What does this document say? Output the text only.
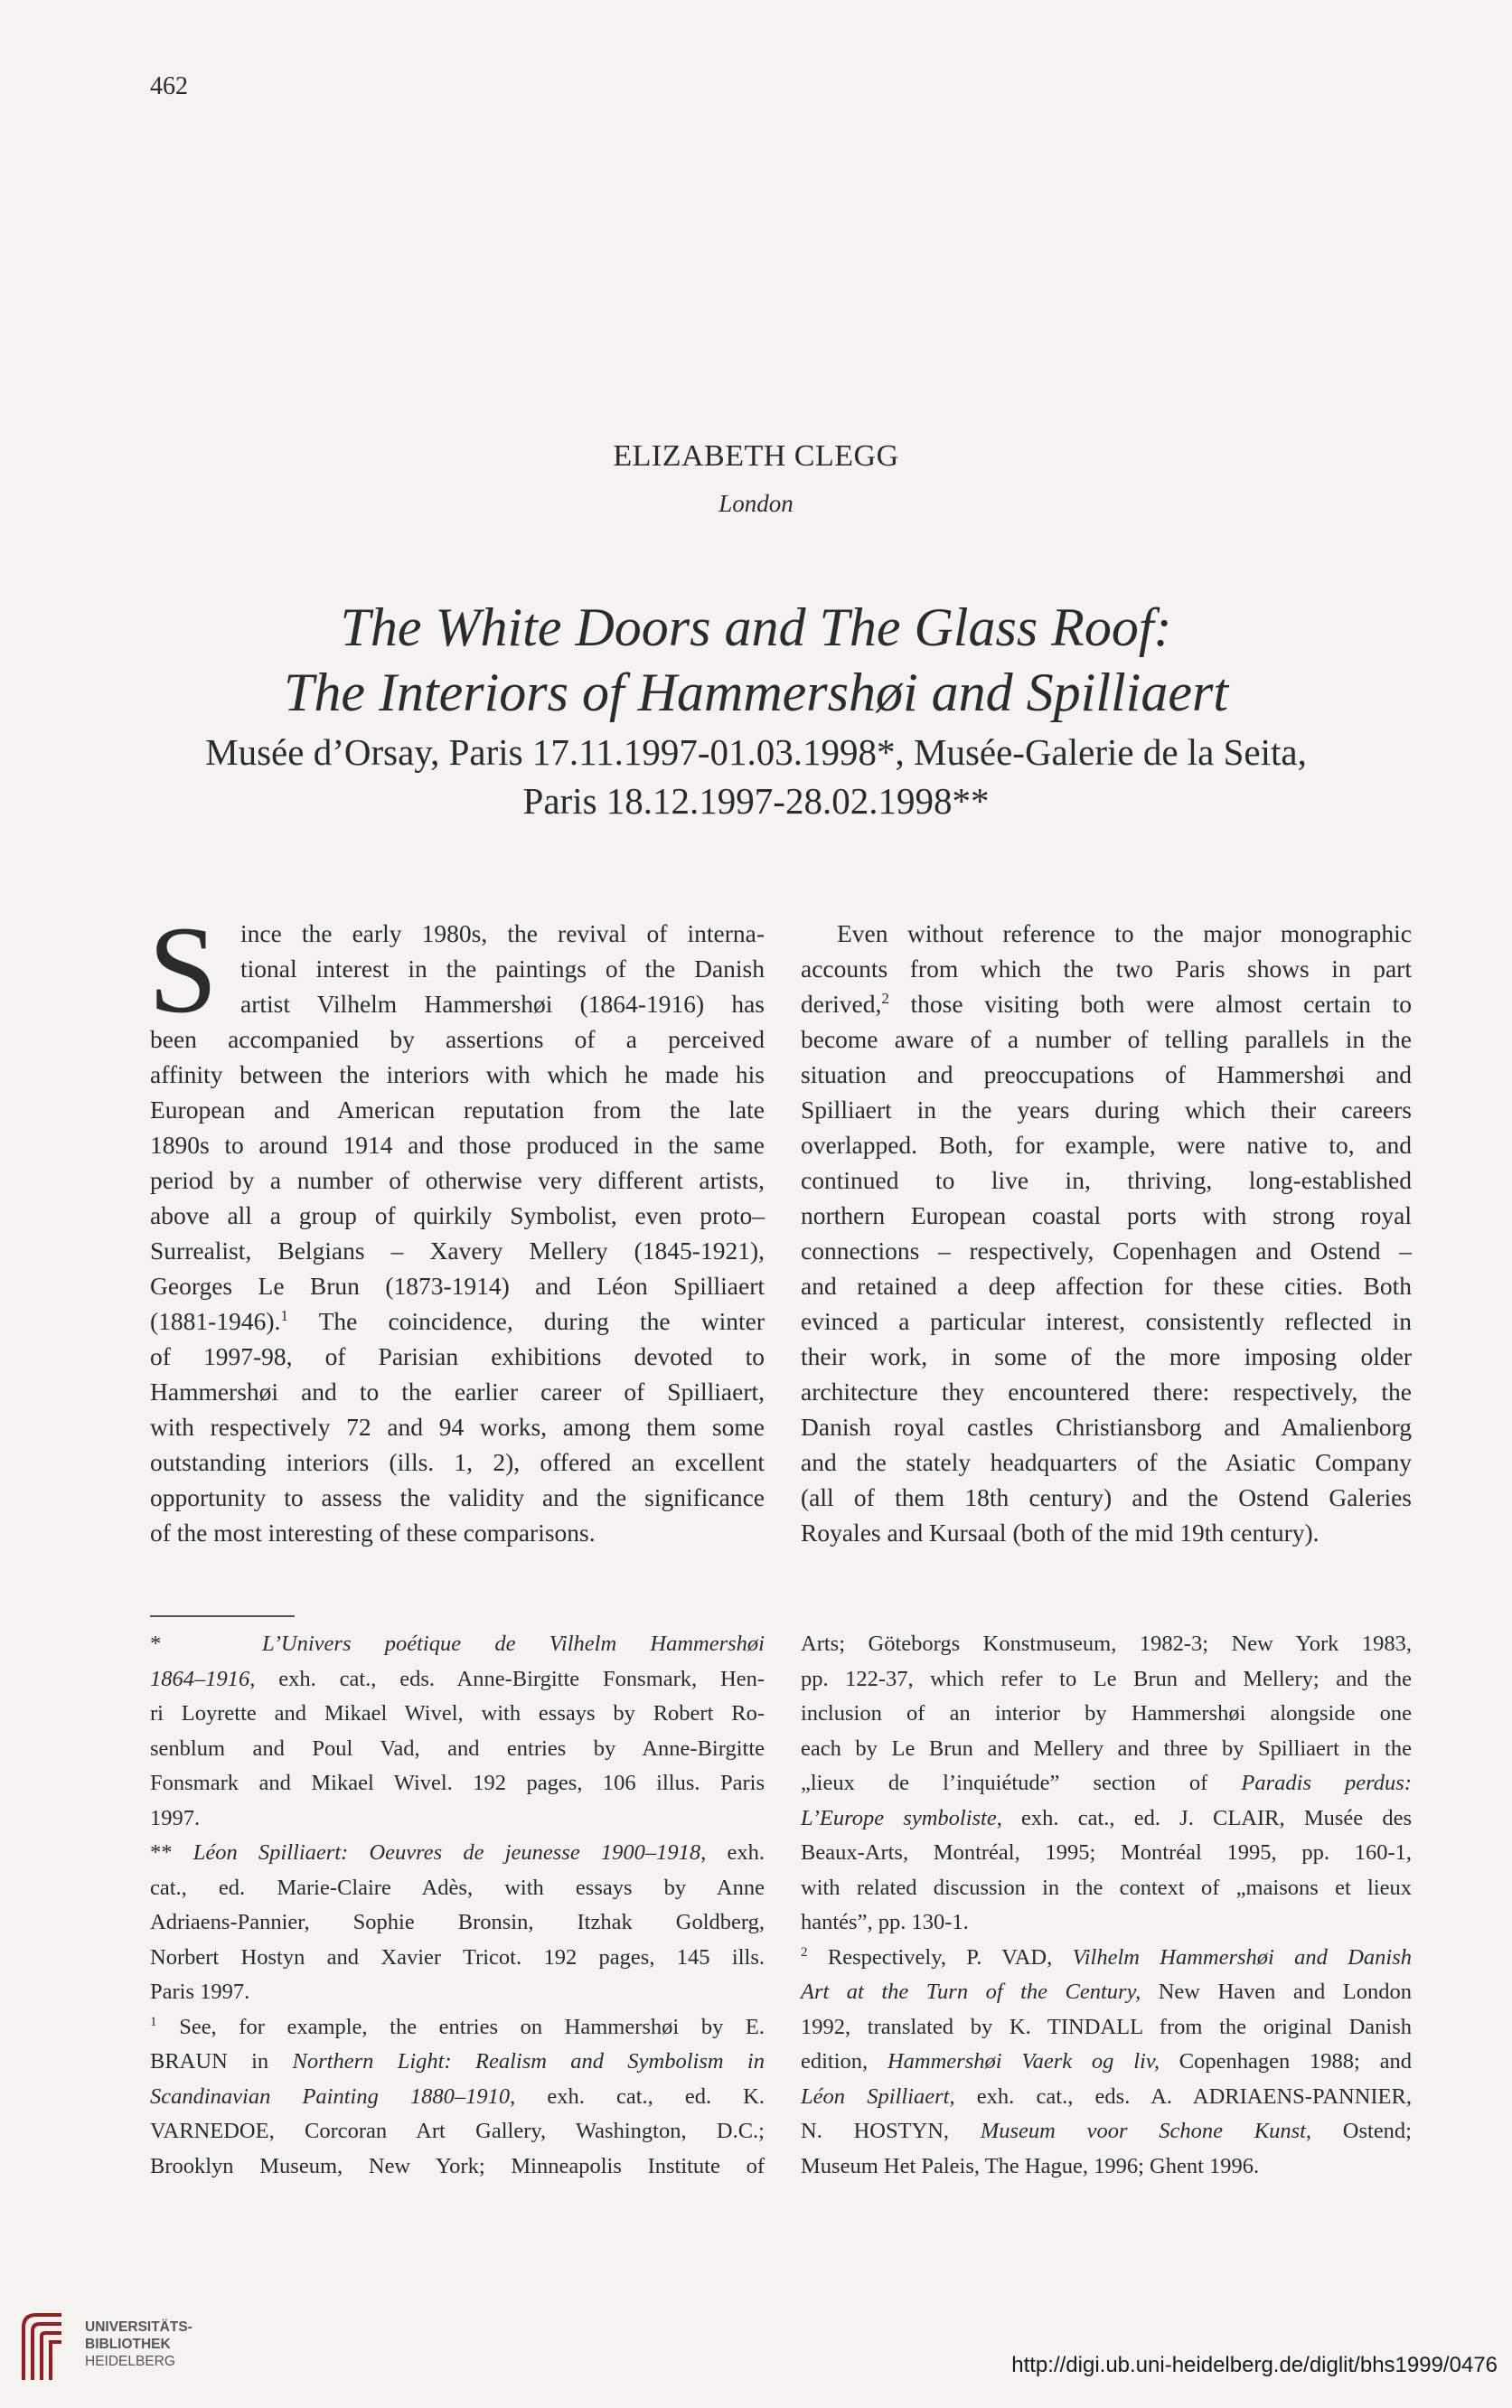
462
ELIZABETH CLEGG
London
The White Doors and The Glass Roof:
The Interiors of Hammershøi and Spilliaert
Musée d’Orsay, Paris 17.11.1997-01.03.1998*, Musée-Galerie de la Seita,
Paris 18.12.1997-28.02.1998**
S ince the early 1980s, the revival of interna-
tional interest in the paintings of the Danish
artist Vilhelm Hammershøi (1864-1916) has
been accompanied by assertions of a perceived
affinity between the interiors with which he made his
European and American reputation from the late
1890s to around 1914 and those produced in the same
period by a number of otherwise very different artists,
above all a group of quirkily Symbolist, even proto–
Surrealist, Belgians – Xavery Mellery (1845-1921),
Georges Le Brun (1873-1914) and Léon Spilliaert
(1881-1946).$^1$ The coincidence, during the winter
of 1997-98, of Parisian exhibitions devoted to
Hammershøi and to the earlier career of Spilliaert,
with respectively 72 and 94 works, among them some
outstanding interiors (ills. 1, 2), offered an excellent
opportunity to assess the validity and the significance
of the most interesting of these comparisons.
Even without reference to the major monographic
accounts from which the two Paris shows in part
derived,$^2$ those visiting both were almost certain to
become aware of a number of telling parallels in the
situation and preoccupations of Hammershøi and
Spilliaert in the years during which their careers
overlapped. Both, for example, were native to, and
continued to live in, thriving, long-established
northern European coastal ports with strong royal
connections – respectively, Copenhagen and Ostend –
and retained a deep affection for these cities. Both
evinced a particular interest, consistently reflected in
their work, in some of the more imposing older
architecture they encountered there: respectively, the
Danish royal castles Christiansborg and Amalienborg
and the stately headquarters of the Asiatic Company
(all of them 18th century) and the Ostend Galeries
Royales and Kursaal (both of the mid 19th century).
*	L’Univers poétique de Vilhelm Hammershøi
1864–1916, exh. cat., eds. Anne-Birgitte Fonsmark, Hen-
ri Loyrette and Mikael Wivel, with essays by Robert Ro-
senblum and Poul Vad, and entries by Anne-Birgitte
Fonsmark and Mikael Wivel. 192 pages, 106 illus. Paris
1997.
** Léon Spilliaert: Oeuvres de jeunesse 1900–1918, exh.
cat., ed. Marie-Claire Adès, with essays by Anne
Adriaens-Pannier, Sophie Bronsin, Itzhak Goldberg,
Norbert Hostyn and Xavier Tricot. 192 pages, 145 ills.
Paris 1997.
$^1$ See, for example, the entries on Hammershøi by E.
BRAUN in Northern Light: Realism and Symbolism in
Scandinavian Painting 1880–1910, exh. cat., ed. K.
VARNEDOE, Corcoran Art Gallery, Washington, D.C.;
Brooklyn Museum, New York; Minneapolis Institute of
Arts; Göteborgs Konstmuseum, 1982-3; New York 1983,
pp. 122-37, which refer to Le Brun and Mellery; and the
inclusion of an interior by Hammershøi alongside one
each by Le Brun and Mellery and three by Spilliaert in the
„lieux de l’inquiétude” section of Paradis perdus:
L’Europe symboliste, exh. cat., ed. J. CLAIR, Musée des
Beaux-Arts, Montréal, 1995; Montréal 1995, pp. 160-1,
with related discussion in the context of „maisons et lieux
hantés”, pp. 130-1.
$^2$ Respectively, P. VAD, Vilhelm Hammershøi and Danish
Art at the Turn of the Century, New Haven and London
1992, translated by K. TINDALL from the original Danish
edition, Hammershøi Vaerk og liv, Copenhagen 1988; and
Léon Spilliaert, exh. cat., eds. A. ADRIAENS-PANNIER,
N. HOSTYN, Museum voor Schone Kunst, Ostend;
Museum Het Paleis, The Hague, 1996; Ghent 1996.
UNIVERSITÄTS-
BIBLIOTHEK
HEIDELBERG	http://digi.ub.uni-heidelberg.de/diglit/bhs1999/0476
